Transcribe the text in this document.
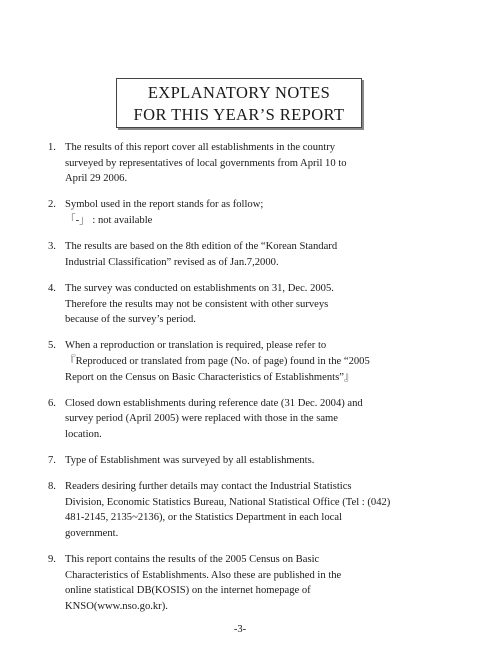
EXPLANATORY NOTES
FOR THIS YEAR’S REPORT
1. The results of this report cover all establishments in the country
surveyed by representatives of local governments from April 10 to
April 29 2006.
2. Symbol used in the report stands for as follow;
「-」 : not available
3. The results are based on the 8th edition of the “Korean Standard
Industrial Classification” revised as of Jan.7,2000.
4. The survey was conducted on establishments on 31, Dec. 2005.
Therefore the results may not be consistent with other surveys
because of the survey’s period.
5. When a reproduction or translation is required, please refer to
『Reproduced or translated from page (No. of page) found in the “2005
Report on the Census on Basic Characteristics of Establishments”』
6. Closed down establishments during reference date (31 Dec. 2004) and
survey period (April 2005) were replaced with those in the same
location.
7. Type of Establishment was surveyed by all establishments.
8. Readers desiring further details may contact the Industrial Statistics
Division, Economic Statistics Bureau, National Statistical Office (Tel : (042)
481-2145, 2135~2136), or the Statistics Department in each local
government.
9. This report contains the results of the 2005 Census on Basic
Characteristics of Establishments. Also these are published in the
online statistical DB(KOSIS) on the internet homepage of
KNSO(www.nso.go.kr).
-3-
